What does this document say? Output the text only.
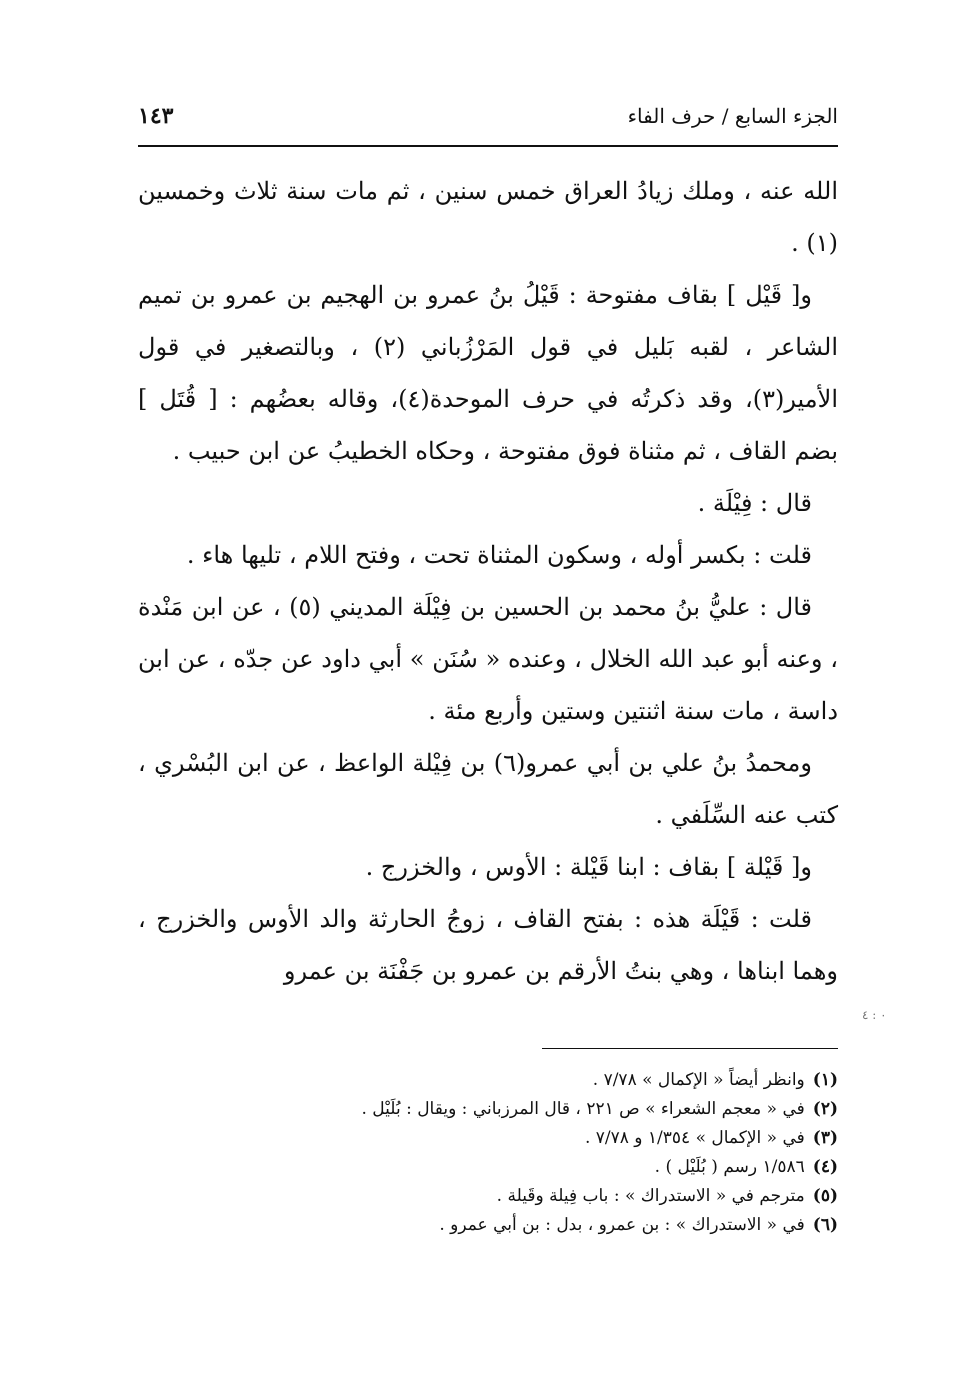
الجزء السابع / حرف الفاء
١٤٣

الله عنه ، وملك زيادُ العراق خمس سنين ، ثم مات سنة ثلاث وخمسين (١) .

و[ قَيْل ] بقاف مفتوحة : قَيْلُ بنُ عمرو بن الهجيم بن عمرو بن تميم الشاعر ، لقبه بَليل في قول المَرْزُباني (٢) ، وبالتصغير في قول الأمير(٣)، وقد ذكرتُه في حرف الموحدة(٤)، وقاله بعضُهم : [ قُتَل ] بضم القاف ، ثم مثناة فوق مفتوحة ، وحكاه الخطيبُ عن ابن حبيب .

قال : فِيْلَة .

قلت : بكسر أوله ، وسكون المثناة تحت ، وفتح اللام ، تليها هاء .

قال : عليُّ بنُ محمد بن الحسين بن فِيْلَة المديني (٥) ، عن ابن مَنْدة ، وعنه أبو عبد الله الخلال ، وعنده « سُنَن » أبي داود عن جدّه ، عن ابن داسة ، مات سنة اثنتين وستين وأربع مئة .

ومحمدُ بنُ علي بن أبي عمرو(٦) بن فِيْلة الواعظ ، عن ابن البُسْري ، كتب عنه السِّلَفي .

و[ قَيْلة ] بقاف : ابنا قَيْلة : الأوس ، والخزرج .

قلت : قَيْلَة هذه : بفتح القاف ، زوجُ الحارثة والد الأوس والخزرج ، وهما ابناها ، وهي بنتُ الأرقم بن عمرو بن جَفْنَة بن عمرو

(١)وانظر أيضاً « الإكمال » ٧/٧٨ .

(٢)في « معجم الشعراء » ص ٢٢١ ، قال المرزباني : ويقال : بُلَيْل .

(٣)في « الإكمال » ١/٣٥٤ و ٧/٧٨ .

(٤)١/٥٨٦ رسم ( بُلَيْل ) .

(٥)مترجم في « الاستدراك » : باب فِيلة وقَيلة .

(٦)في « الاستدراك » : بن عمرو ، بدل : بن أبي عمرو .

٠ : ٤
